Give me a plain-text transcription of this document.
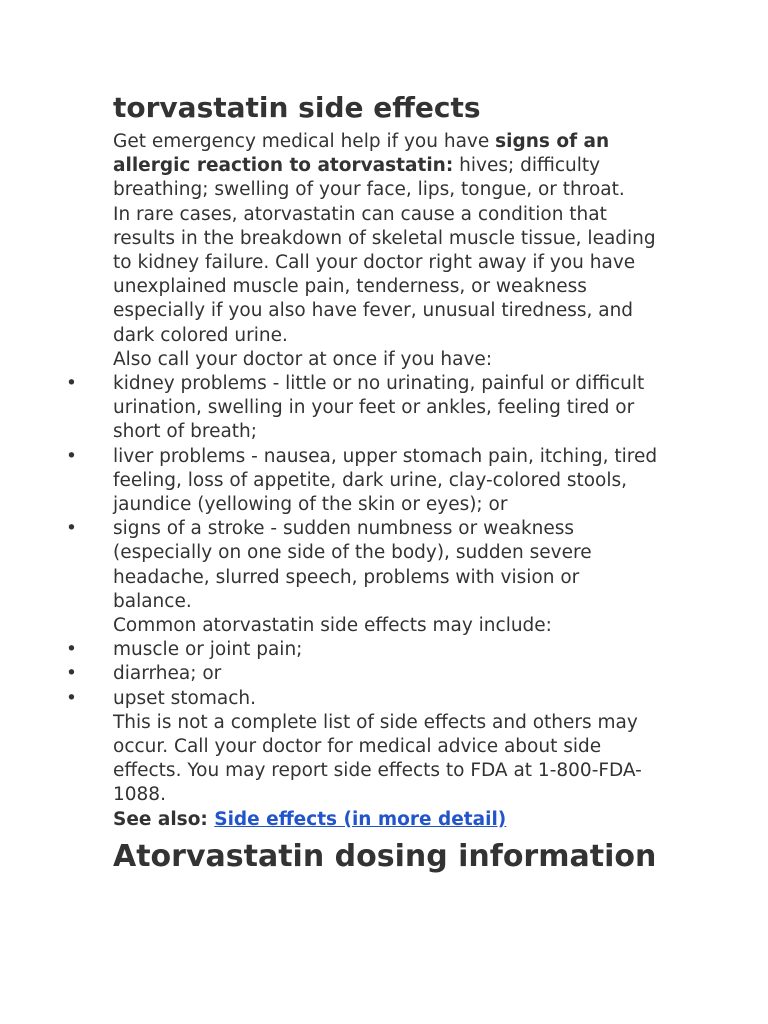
torvastatin side effects

Get emergency medical help if you have signs of an allergic reaction to atorvastatin: hives; difficulty breathing; swelling of your face, lips, tongue, or throat.

In rare cases, atorvastatin can cause a condition that results in the breakdown of skeletal muscle tissue, leading to kidney failure. Call your doctor right away if you have unexplained muscle pain, tenderness, or weakness especially if you also have fever, unusual tiredness, and dark colored urine.

Also call your doctor at once if you have:

•	kidney problems - little or no urinating, painful or difficult urination, swelling in your feet or ankles, feeling tired or short of breath;
•	liver problems - nausea, upper stomach pain, itching, tired feeling, loss of appetite, dark urine, clay-colored stools, jaundice (yellowing of the skin or eyes); or
•	signs of a stroke - sudden numbness or weakness (especially on one side of the body), sudden severe headache, slurred speech, problems with vision or balance.

Common atorvastatin side effects may include:

•	muscle or joint pain;
•	diarrhea; or
•	upset stomach.

This is not a complete list of side effects and others may occur. Call your doctor for medical advice about side effects. You may report side effects to FDA at 1-800-FDA-1088.

See also: Side effects (in more detail)

Atorvastatin dosing information
